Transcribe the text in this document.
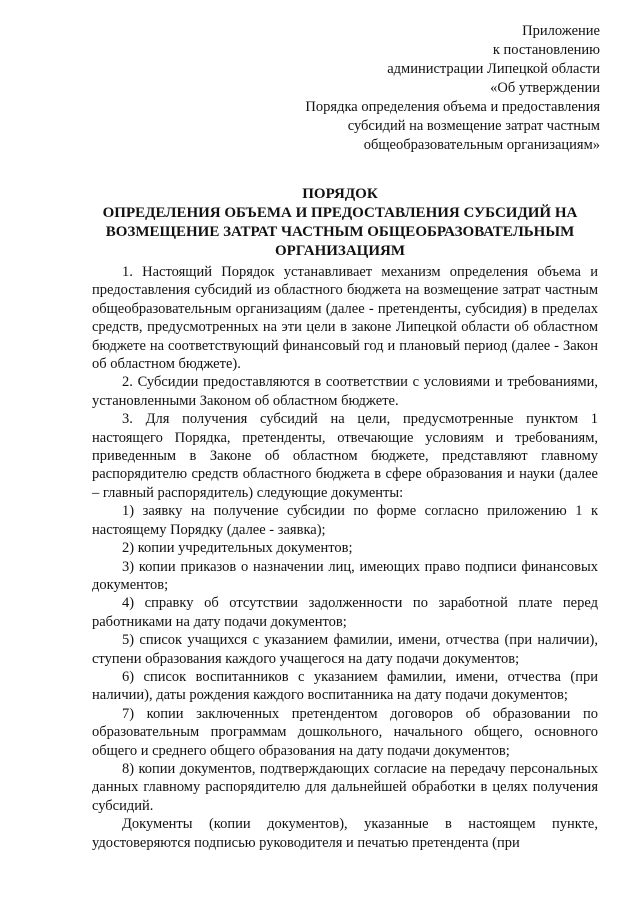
Приложение
к постановлению
администрации Липецкой области
«Об утверждении
Порядка определения объема и предоставления
субсидий на возмещение затрат частным
общеобразовательным организациям»
ПОРЯДОК
ОПРЕДЕЛЕНИЯ ОБЪЕМА И ПРЕДОСТАВЛЕНИЯ СУБСИДИЙ НА
ВОЗМЕЩЕНИЕ ЗАТРАТ ЧАСТНЫМ ОБЩЕОБРАЗОВАТЕЛЬНЫМ
ОРГАНИЗАЦИЯМ

1. Настоящий Порядок устанавливает механизм определения объема и предоставления субсидий из областного бюджета на возмещение затрат частным общеобразовательным организациям (далее - претенденты, субсидия) в пределах средств, предусмотренных на эти цели в законе Липецкой области об областном бюджете на соответствующий финансовый год и плановый период (далее - Закон об областном бюджете).

2. Субсидии предоставляются в соответствии с условиями и требованиями, установленными Законом об областном бюджете.

3. Для получения субсидий на цели, предусмотренные пунктом 1 настоящего Порядка, претенденты, отвечающие условиям и требованиям, приведенным в Законе об областном бюджете, представляют главному распорядителю средств областного бюджета в сфере образования и науки (далее – главный распорядитель) следующие документы:

1) заявку на получение субсидии по форме согласно приложению 1 к настоящему Порядку (далее - заявка);

2) копии учредительных документов;

3) копии приказов о назначении лиц, имеющих право подписи финансовых документов;

4) справку об отсутствии задолженности по заработной плате перед работниками на дату подачи документов;

5) список учащихся с указанием фамилии, имени, отчества (при наличии), ступени образования каждого учащегося на дату подачи документов;

6) список воспитанников с указанием фамилии, имени, отчества (при наличии), даты рождения каждого воспитанника на дату подачи документов;

7) копии заключенных претендентом договоров об образовании по образовательным программам дошкольного, начального общего, основного общего и среднего общего образования на дату подачи документов;

8) копии документов, подтверждающих согласие на передачу персональных данных главному распорядителю для дальнейшей обработки в целях получения субсидий.

Документы (копии документов), указанные в настоящем пункте, удостоверяются подписью руководителя и печатью претендента (при
